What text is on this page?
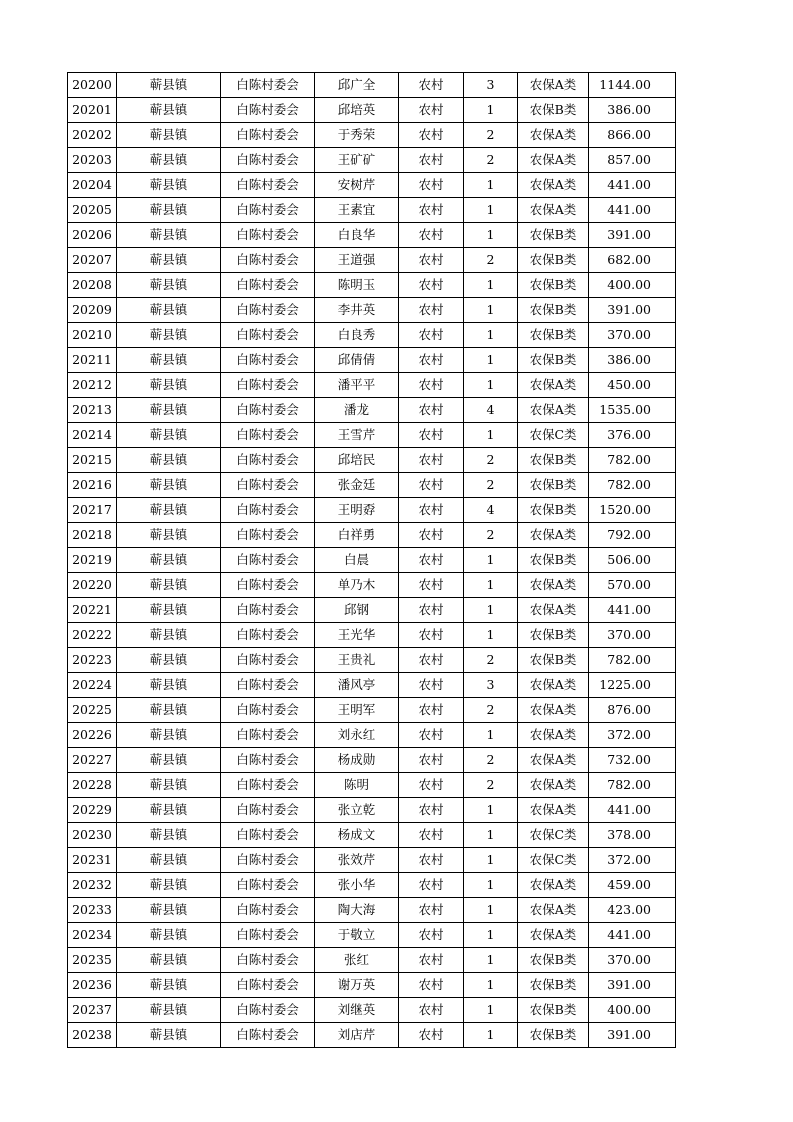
20200	蕲县镇	白陈村委会	邱广全	农村	3	农保A类	1144.00
20201	蕲县镇	白陈村委会	邱培英	农村	1	农保B类	386.00
20202	蕲县镇	白陈村委会	于秀荣	农村	2	农保A类	866.00
20203	蕲县镇	白陈村委会	王矿矿	农村	2	农保A类	857.00
20204	蕲县镇	白陈村委会	安树芹	农村	1	农保A类	441.00
20205	蕲县镇	白陈村委会	王素宜	农村	1	农保A类	441.00
20206	蕲县镇	白陈村委会	白良华	农村	1	农保B类	391.00
20207	蕲县镇	白陈村委会	王道强	农村	2	农保B类	682.00
20208	蕲县镇	白陈村委会	陈明玉	农村	1	农保B类	400.00
20209	蕲县镇	白陈村委会	李井英	农村	1	农保B类	391.00
20210	蕲县镇	白陈村委会	白良秀	农村	1	农保B类	370.00
20211	蕲县镇	白陈村委会	邱倩倩	农村	1	农保B类	386.00
20212	蕲县镇	白陈村委会	潘平平	农村	1	农保A类	450.00
20213	蕲县镇	白陈村委会	潘龙	农村	4	农保A类	1535.00
20214	蕲县镇	白陈村委会	王雪芹	农村	1	农保C类	376.00
20215	蕲县镇	白陈村委会	邱培民	农村	2	农保B类	782.00
20216	蕲县镇	白陈村委会	张金廷	农村	2	农保B类	782.00
20217	蕲县镇	白陈村委会	王明孬	农村	4	农保B类	1520.00
20218	蕲县镇	白陈村委会	白祥勇	农村	2	农保A类	792.00
20219	蕲县镇	白陈村委会	白晨	农村	1	农保B类	506.00
20220	蕲县镇	白陈村委会	单乃木	农村	1	农保A类	570.00
20221	蕲县镇	白陈村委会	邱钢	农村	1	农保A类	441.00
20222	蕲县镇	白陈村委会	王光华	农村	1	农保B类	370.00
20223	蕲县镇	白陈村委会	王贵礼	农村	2	农保B类	782.00
20224	蕲县镇	白陈村委会	潘风亭	农村	3	农保A类	1225.00
20225	蕲县镇	白陈村委会	王明军	农村	2	农保A类	876.00
20226	蕲县镇	白陈村委会	刘永红	农村	1	农保A类	372.00
20227	蕲县镇	白陈村委会	杨成勋	农村	2	农保A类	732.00
20228	蕲县镇	白陈村委会	陈明	农村	2	农保A类	782.00
20229	蕲县镇	白陈村委会	张立乾	农村	1	农保A类	441.00
20230	蕲县镇	白陈村委会	杨成文	农村	1	农保C类	378.00
20231	蕲县镇	白陈村委会	张效芹	农村	1	农保C类	372.00
20232	蕲县镇	白陈村委会	张小华	农村	1	农保A类	459.00
20233	蕲县镇	白陈村委会	陶大海	农村	1	农保A类	423.00
20234	蕲县镇	白陈村委会	于敬立	农村	1	农保A类	441.00
20235	蕲县镇	白陈村委会	张红	农村	1	农保B类	370.00
20236	蕲县镇	白陈村委会	谢万英	农村	1	农保B类	391.00
20237	蕲县镇	白陈村委会	刘继英	农村	1	农保B类	400.00
20238	蕲县镇	白陈村委会	刘店芹	农村	1	农保B类	391.00
